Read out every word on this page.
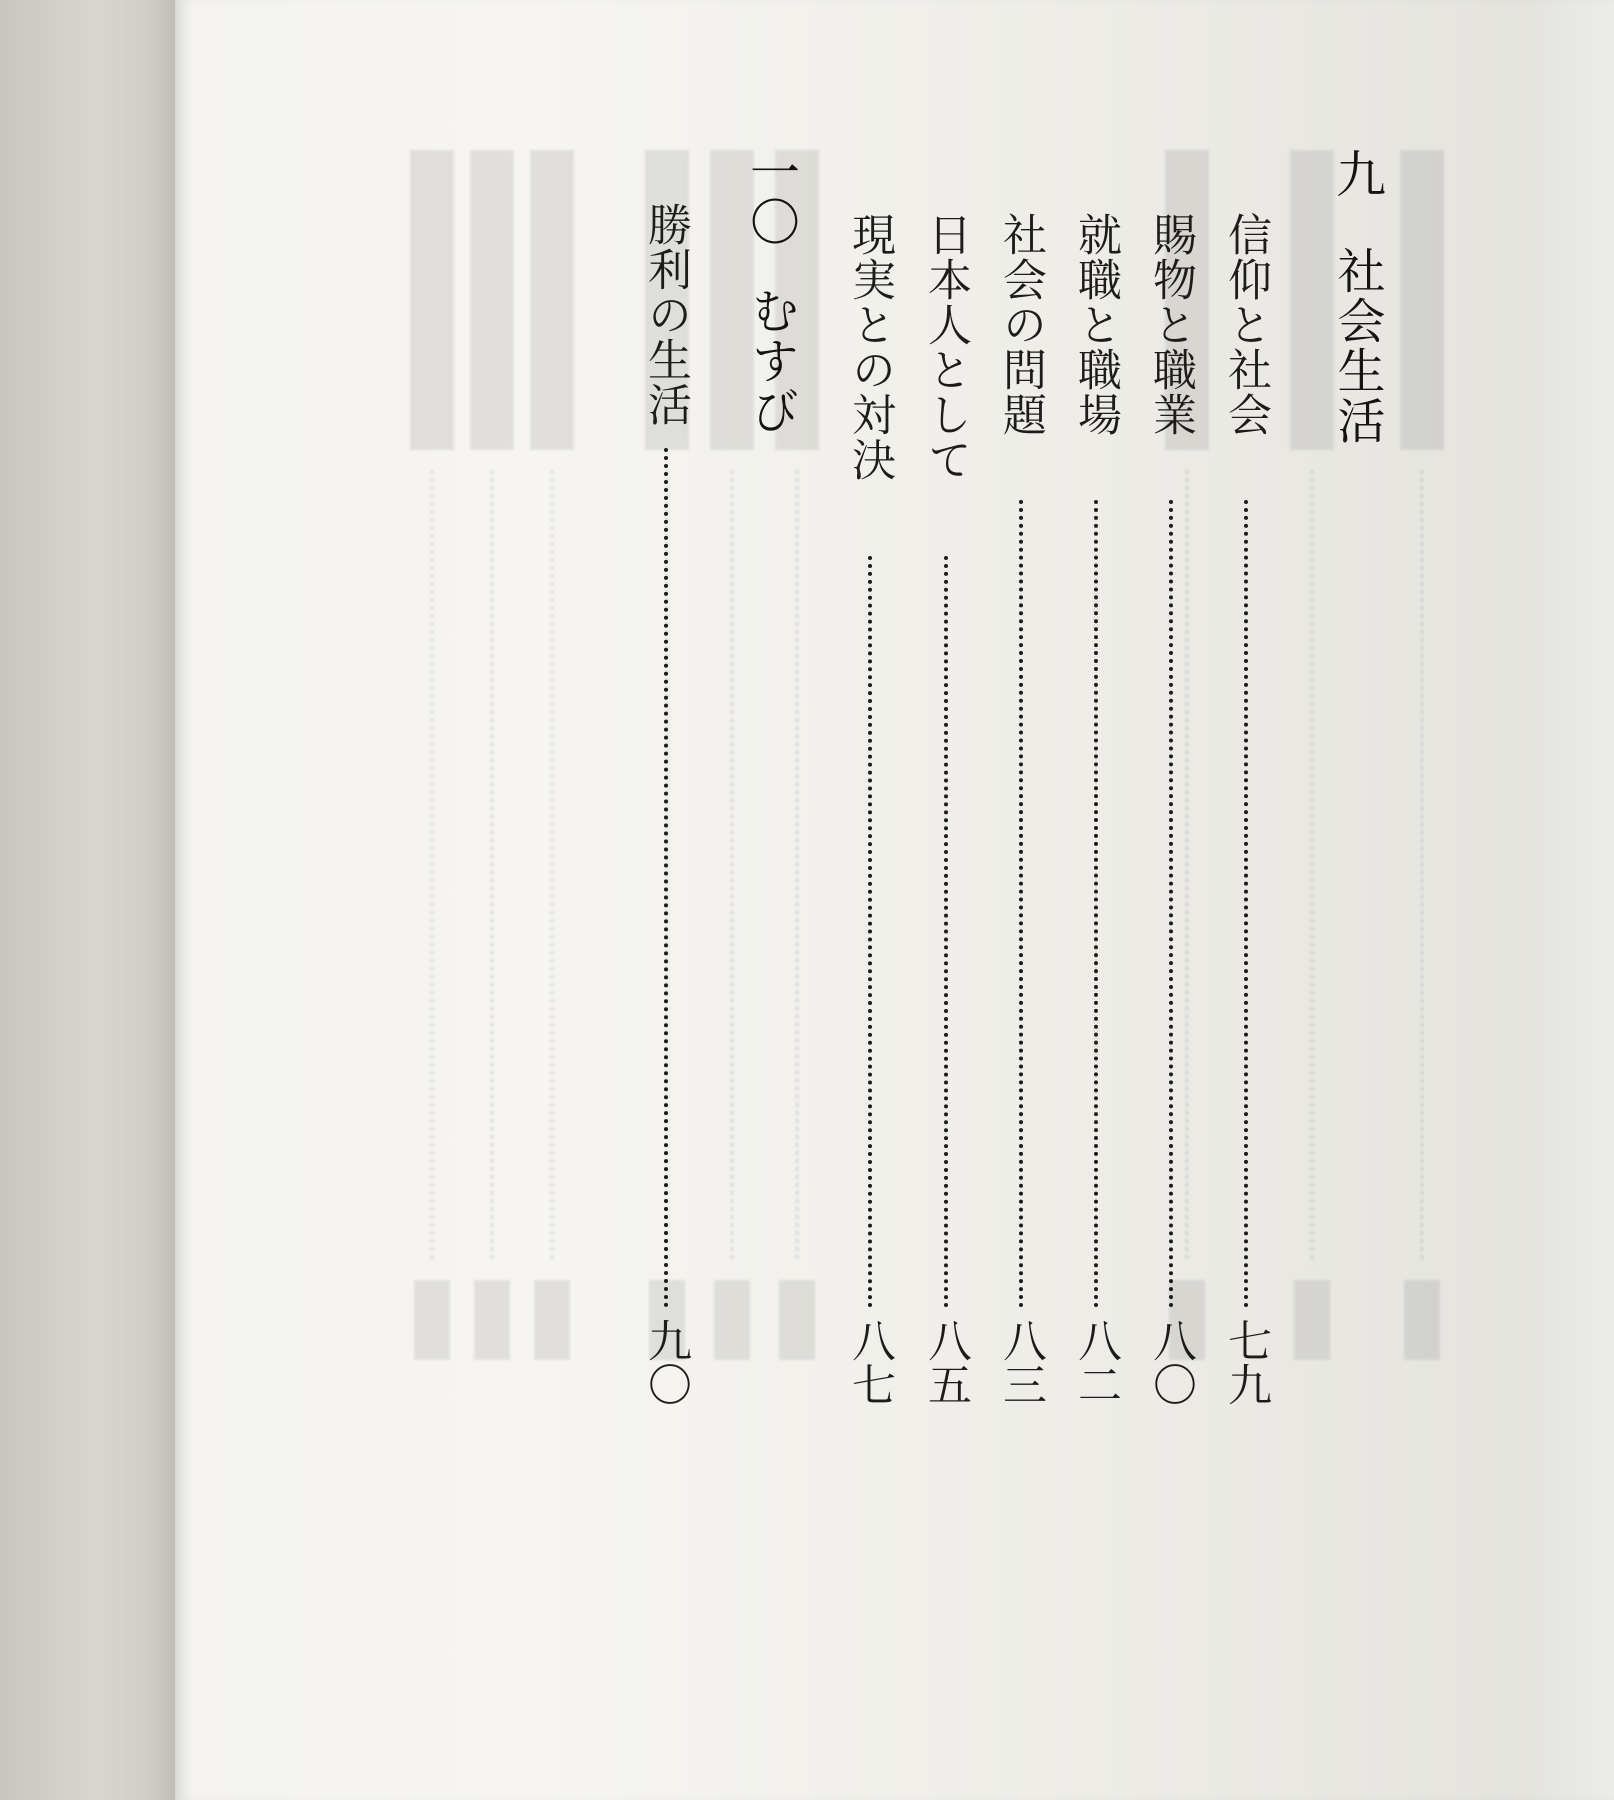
九
社会生活
信仰と社会
七九
賜物と職業
八〇
就職と職場
八二
社会の問題
八三
日本人として
八五
現実との対決
八七
一〇
むすび
勝利の生活
九〇
